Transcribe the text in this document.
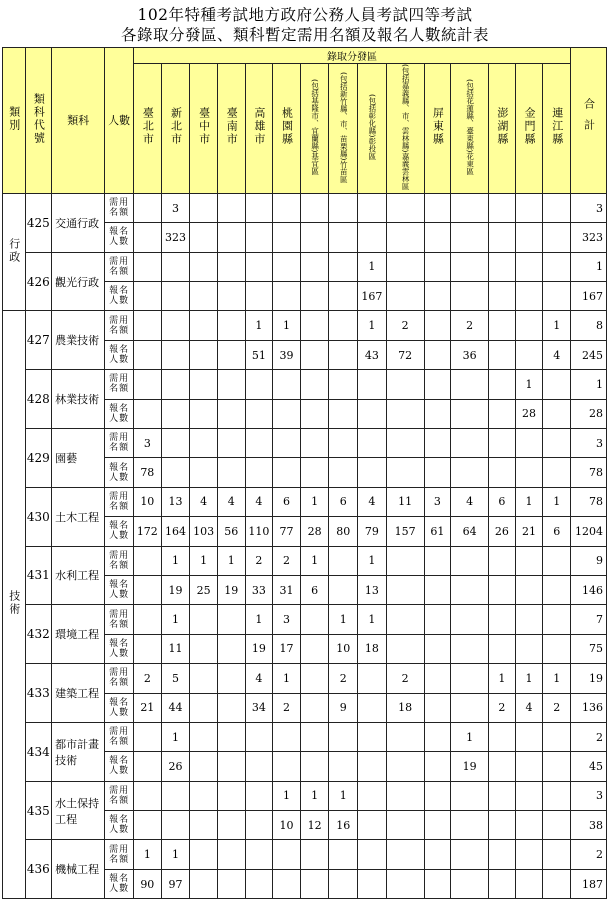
102年特種考試地方政府公務人員考試四等考試
各錄取分發區、類科暫定需用名額及報名人數統計表
類別	類科代號	類科	人數	錄取分發區															合計
				臺北市	新北市	臺中市	臺南市	高雄市	桃園縣	(包括基隆市、宜蘭縣)基宜區	(包括新竹縣、市、苗栗縣)竹苗區	(包括彰化縣)彰投區	(包括嘉義縣、市、雲林縣)嘉義雲林區	屏東縣	(包括花蓮縣、臺東縣)花東區	澎湖縣	金門縣	連江縣	
行政	425	交通行政	需用名額		3														3
			報名人數		323														323
	426	觀光行政	需用名額									1							1
			報名人數									167							167
技術	427	農業技術	需用名額					1	1			1	2		2			1	8
			報名人數					51	39			43	72		36			4	245
	428	林業技術	需用名額														1		1
			報名人數														28		28
	429	園藝	需用名額	3															3
			報名人數	78															78
	430	土木工程	需用名額	10	13	4	4	4	6	1	6	4	11	3	4	6	1	1	78
			報名人數	172	164	103	56	110	77	28	80	79	157	61	64	26	21	6	1204
	431	水利工程	需用名額		1	1	1	2	2	1		1							9
			報名人數		19	25	19	33	31	6		13							146
	432	環境工程	需用名額		1			1	3		1	1							7
			報名人數		11			19	17		10	18							75
	433	建築工程	需用名額	2	5			4	1		2		2			1	1	1	19
			報名人數	21	44			34	2		9		18			2	4	2	136
	434	都市計畫技術	需用名額		1										1				2
			報名人數		26										19				45
	435	水土保持工程	需用名額						1	1	1								3
			報名人數						10	12	16								38
	436	機械工程	需用名額	1	1														2
			報名人數	90	97														187
